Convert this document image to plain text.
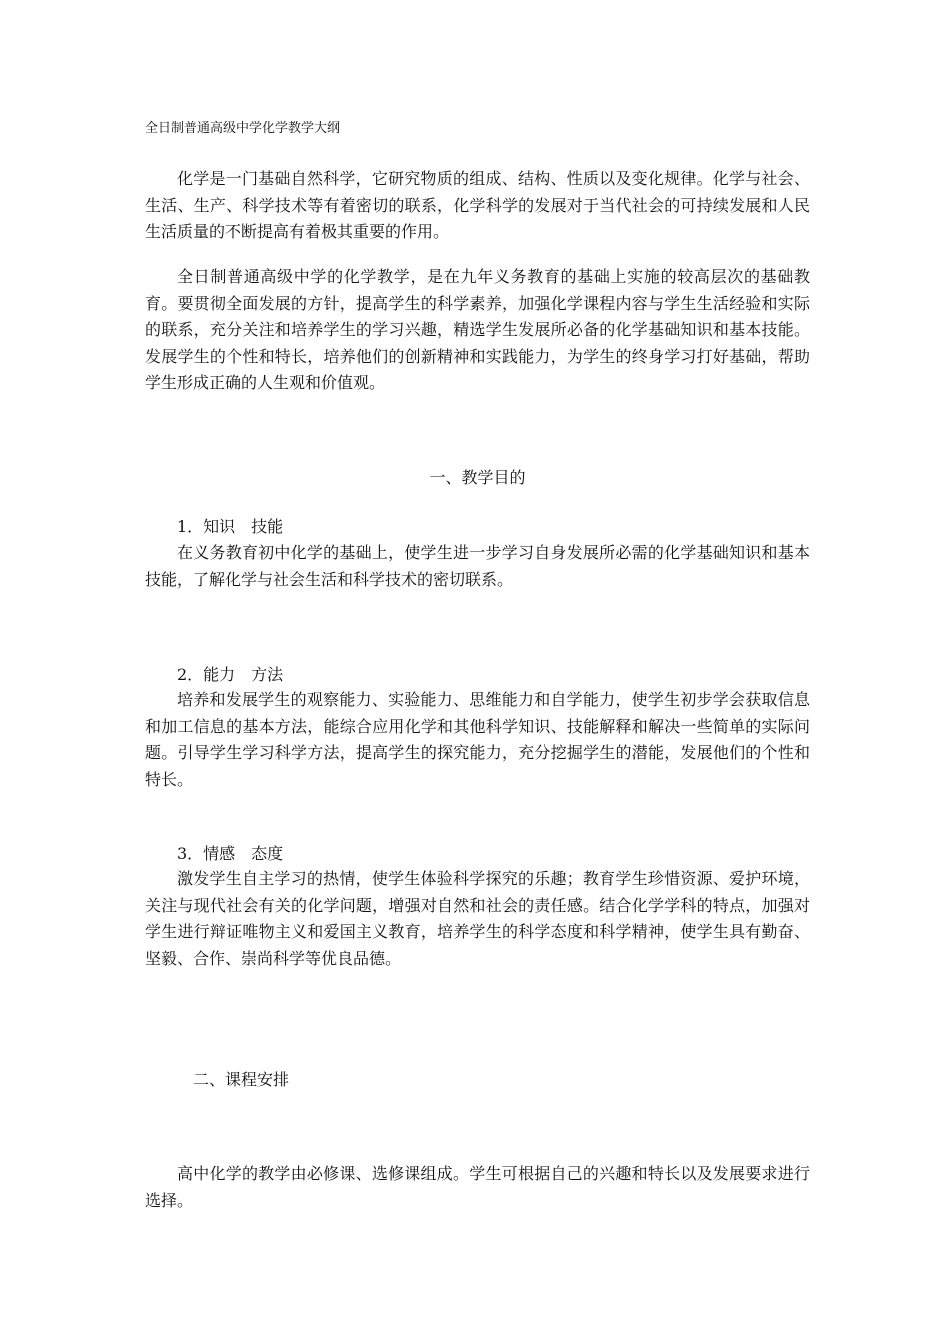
全日制普通高级中学化学教学大纲

化学是一门基础自然科学，它研究物质的组成、结构、性质以及变化规律。化学与社会、生活、生产、科学技术等有着密切的联系，化学科学的发展对于当代社会的可持续发展和人民生活质量的不断提高有着极其重要的作用。

全日制普通高级中学的化学教学，是在九年义务教育的基础上实施的较高层次的基础教育。要贯彻全面发展的方针，提高学生的科学素养，加强化学课程内容与学生生活经验和实际的联系，充分关注和培养学生的学习兴趣，精选学生发展所必备的化学基础知识和基本技能。发展学生的个性和特长，培养他们的创新精神和实践能力，为学生的终身学习打好基础，帮助学生形成正确的人生观和价值观。

一、教学目的
1．知识　技能

在义务教育初中化学的基础上，使学生进一步学习自身发展所必需的化学基础知识和基本技能，了解化学与社会生活和科学技术的密切联系。

2．能力　方法

培养和发展学生的观察能力、实验能力、思维能力和自学能力，使学生初步学会获取信息和加工信息的基本方法，能综合应用化学和其他科学知识、技能解释和解决一些简单的实际问题。引导学生学习科学方法，提高学生的探究能力，充分挖掘学生的潜能，发展他们的个性和特长。

3．情感　态度

激发学生自主学习的热情，使学生体验科学探究的乐趣；教育学生珍惜资源、爱护环境，关注与现代社会有关的化学问题，增强对自然和社会的责任感。结合化学学科的特点，加强对学生进行辩证唯物主义和爱国主义教育，培养学生的科学态度和科学精神，使学生具有勤奋、坚毅、合作、崇尚科学等优良品德。

二、课程安排

高中化学的教学由必修课、选修课组成。学生可根据自己的兴趣和特长以及发展要求进行选择。
